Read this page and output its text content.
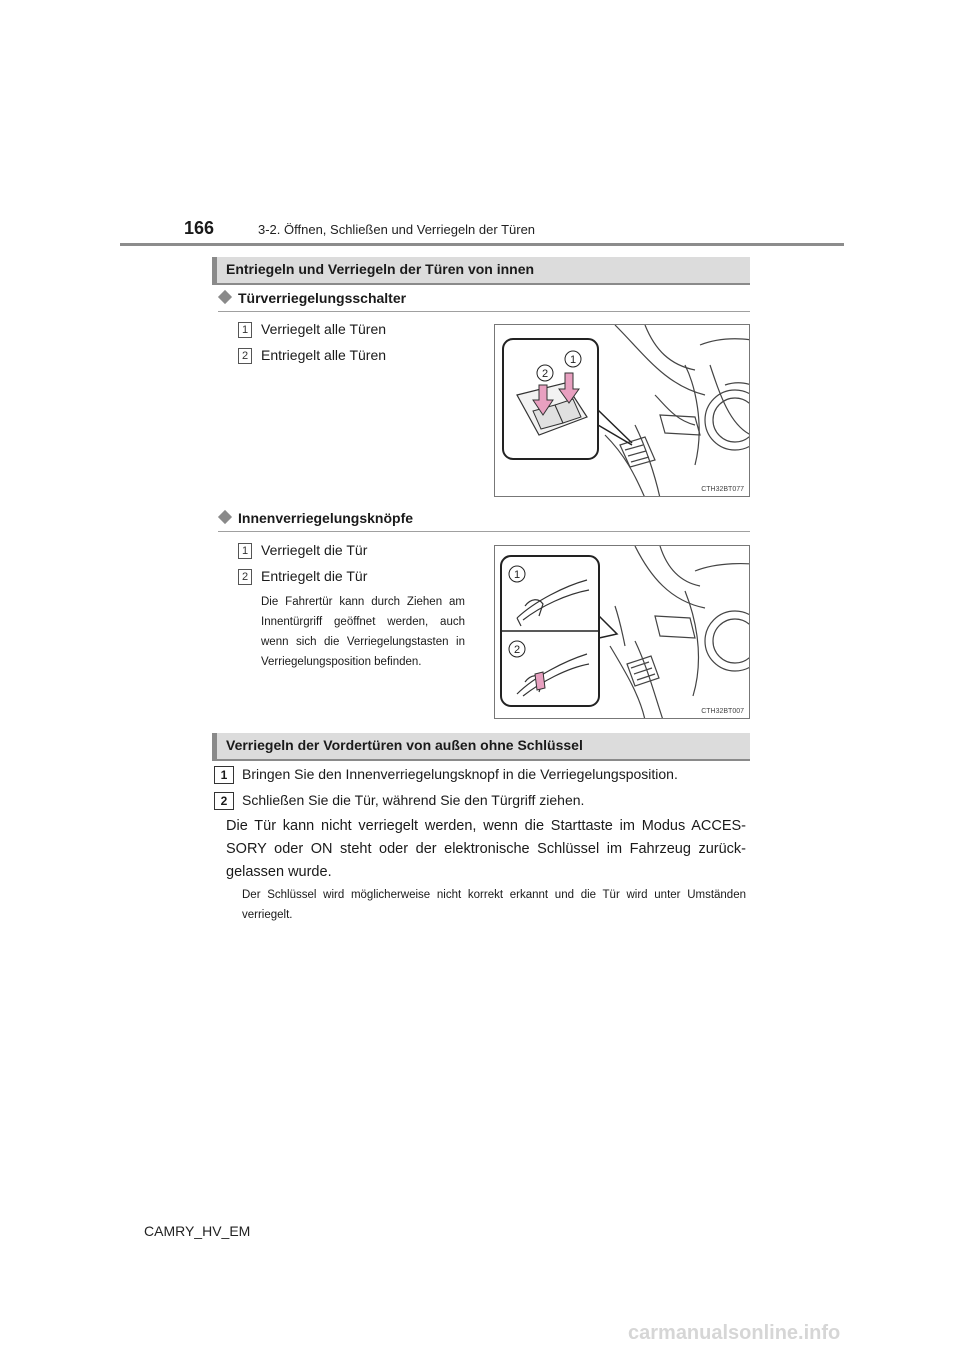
166	3-2. Öffnen, Schließen und Verriegeln der Türen
Entriegeln und Verriegeln der Türen von innen
Türverriegelungsschalter
1 Verriegelt alle Türen
2 Entriegelt alle Türen
2
1
CTH32BT077
Innenverriegelungsknöpfe
1 Verriegelt die Tür
2 Entriegelt die Tür
Die Fahrertür kann durch Ziehen am Innentürgriff geöffnet werden, auch wenn sich die Verriegelungstasten in Verriegelungsposition befinden.
1
2
CTH32BT007
Verriegeln der Vordertüren von außen ohne Schlüssel
1	Bringen Sie den Innenverriegelungsknopf in die Verriegelungsposition.
2	Schließen Sie die Tür, während Sie den Türgriff ziehen.
Die Tür kann nicht verriegelt werden, wenn die Starttaste im Modus ACCES-SORY oder ON steht oder der elektronische Schlüssel im Fahrzeug zurück-gelassen wurde.
Der Schlüssel wird möglicherweise nicht korrekt erkannt und die Tür wird unter Umständen verriegelt.
CAMRY_HV_EM
carmanualsonline.info
